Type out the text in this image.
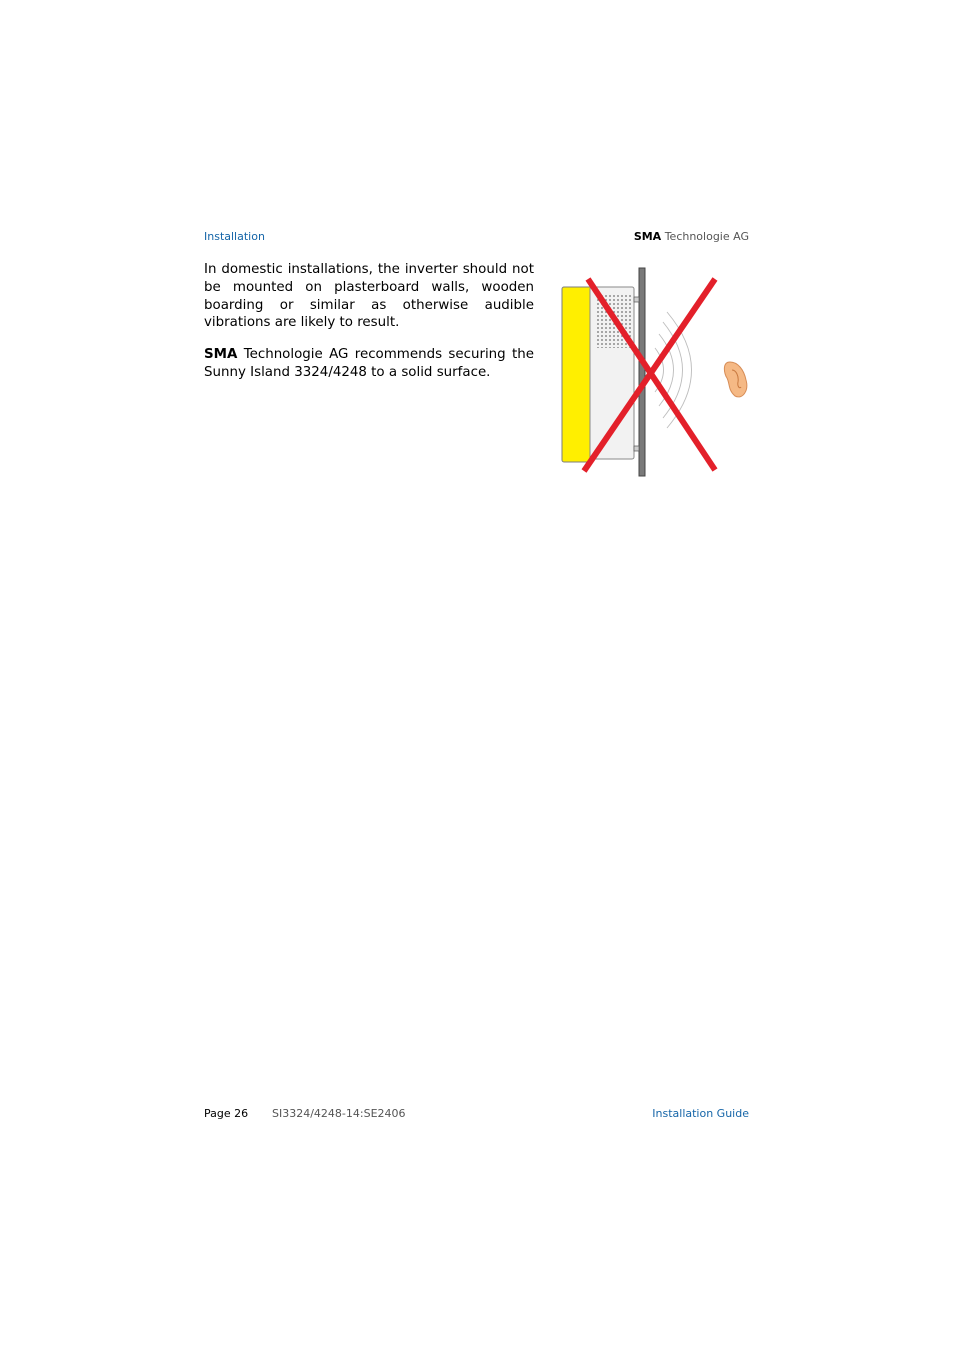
Installation	SMA Technologie AG

In domestic installations, the inverter should not be mounted on plasterboard walls, wooden boarding or similar as otherwise audible vibrations are likely to result.

SMA Technologie AG recommends securing the Sunny Island 3324/4248 to a solid surface.

Page 26 SI3324/4248-14:SE2406	Installation Guide
